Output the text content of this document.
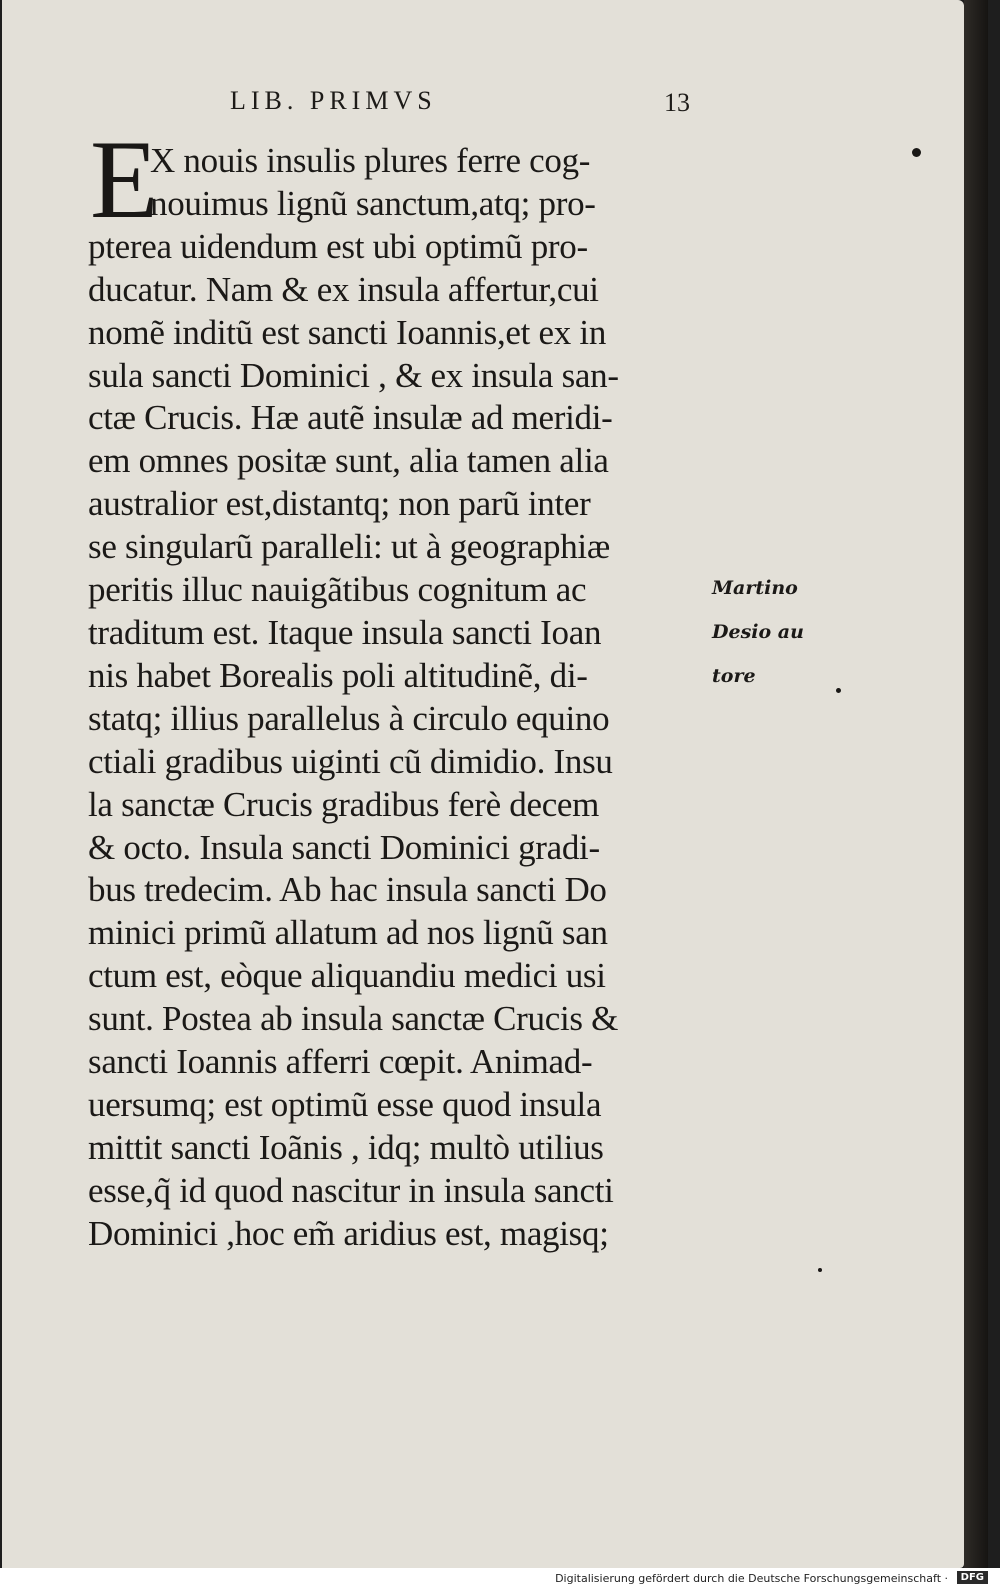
LIB. PRIMVS	13
E
X nouis insulis plures ferre cog-
nouimus lignũ sanctum,atq; pro-
pterea uidendum est ubi optimũ pro-
ducatur. Nam & ex insula affertur,cui
nomẽ inditũ est sancti Ioannis,et ex in
sula sancti Dominici , & ex insula san-
ctæ Crucis. Hæ autẽ insulæ ad meridi-
em omnes positæ sunt, alia tamen alia
australior est,distantq; non parũ inter
se singularũ paralleli: ut à geographiæ
peritis illuc nauigãtibus cognitum ac
traditum est. Itaque insula sancti Ioan
nis habet Borealis poli altitudinẽ, di-
statq; illius parallelus à circulo equino
ctiali gradibus uiginti cũ dimidio. Insu
la sanctæ Crucis gradibus ferè decem
& octo. Insula sancti Dominici gradi-
bus tredecim. Ab hac insula sancti Do
minici primũ allatum ad nos lignũ san
ctum est, eòque aliquandiu medici usi
sunt. Postea ab insula sanctæ Crucis &
sancti Ioannis afferri cœpit. Animad-
uersumq; est optimũ esse quod insula
mittit sancti Ioãnis , idq; multò utilius
esse,q̃ id quod nascitur in insula sancti
Dominici ,hoc em̃ aridius est, magisq;
Martino
Desio au
tore
Digitalisierung gefördert durch die Deutsche Forschungsgemeinschaft ·	DFG
